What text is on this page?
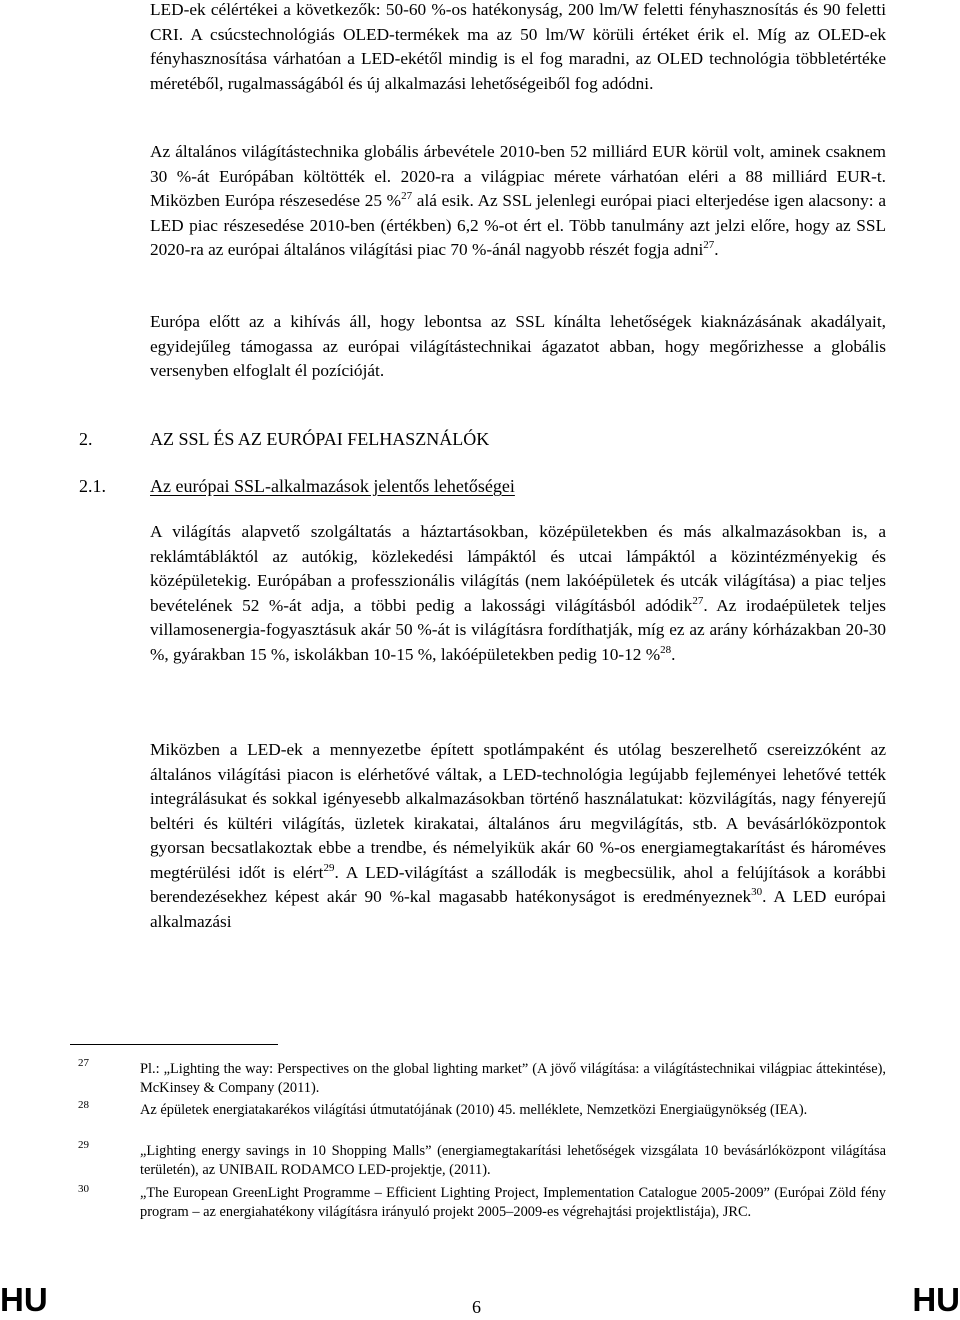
LED-ek célértékei a következők: 50-60 %-os hatékonyság, 200 lm/W feletti fényhasznosítás és 90 feletti CRI. A csúcstechnológiás OLED-termékek ma az 50 lm/W körüli értéket érik el. Míg az OLED-ek fényhasznosítása várhatóan a LED-ekétől mindig is el fog maradni, az OLED technológia többletértéke méretéből, rugalmasságából és új alkalmazási lehetőségeiből fog adódni.

Az általános világítástechnika globális árbevétele 2010-ben 52 milliárd EUR körül volt, aminek csaknem 30 %-át Európában költötték el. 2020-ra a világpiac mérete várhatóan eléri a 88 milliárd EUR-t. Miközben Európa részesedése 25 %$^{27}$ alá esik. Az SSL jelenlegi európai piaci elterjedése igen alacsony: a LED piac részesedése 2010-ben (értékben) 6,2 %-ot ért el. Több tanulmány azt jelzi előre, hogy az SSL 2020-ra az európai általános világítási piac 70 %-ánál nagyobb részét fogja adni$^{27}$.

Európa előtt az a kihívás áll, hogy lebontsa az SSL kínálta lehetőségek kiaknázásának akadályait, egyidejűleg támogassa az európai világítástechnikai ágazatot abban, hogy megőrizhesse a globális versenyben elfoglalt él pozícióját.

2.	AZ SSL ÉS AZ EURÓPAI FELHASZNÁLÓK
2.1. Az európai SSL-alkalmazások jelentős lehetőségei

A világítás alapvető szolgáltatás a háztartásokban, középületekben és más alkalmazásokban is, a reklámtábláktól az autókig, közlekedési lámpáktól és utcai lámpáktól a közintézményekig és középületekig. Európában a professzionális világítás (nem lakóépületek és utcák világítása) a piac teljes bevételének 52 %-át adja, a többi pedig a lakossági világításból adódik$^{27}$. Az irodaépületek teljes villamosenergia-fogyasztásuk akár 50 %-át is világításra fordíthatják, míg ez az arány kórházakban 20-30 %, gyárakban 15 %, iskolákban 10-15 %, lakóépületekben pedig 10-12 %$^{28}$.

Miközben a LED-ek a mennyezetbe épített spotlámpaként és utólag beszerelhető csereizzóként az általános világítási piacon is elérhetővé váltak, a LED-technológia legújabb fejleményei lehetővé tették integrálásukat és sokkal igényesebb alkalmazásokban történő használatukat: közvilágítás, nagy fényerejű beltéri és kültéri világítás, üzletek kirakatai, általános áru megvilágítás, stb. A bevásárlóközpontok gyorsan becsatlakoztak ebbe a trendbe, és némelyikük akár 60 %-os energiamegtakarítást és hároméves megtérülési időt is elért$^{29}$. A LED-világítást a szállodák is megbecsülik, ahol a felújítások a korábbi berendezésekhez képest akár 90 %-kal magasabb hatékonyságot is eredményeznek$^{30}$. A LED európai alkalmazási

27	Pl.: „Lighting the way: Perspectives on the global lighting market” (A jövő világítása: a világítástechnikai világpiac áttekintése), McKinsey & Company (2011).

28	Az épületek energiatakarékos világítási útmutatójának (2010) 45. melléklete, Nemzetközi Energiaügynökség (IEA).

29	„Lighting energy savings in 10 Shopping Malls” (energiamegtakarítási lehetőségek vizsgálata 10 bevásárlóközpont világítása területén), az UNIBAIL RODAMCO LED-projektje, (2011).

30	„The European GreenLight Programme – Efficient Lighting Project, Implementation Catalogue 2005-2009” (Európai Zöld fény program – az energiahatékony világításra irányuló projekt 2005–2009-es végrehajtási projektlistája), JRC.

HU	6	HU
